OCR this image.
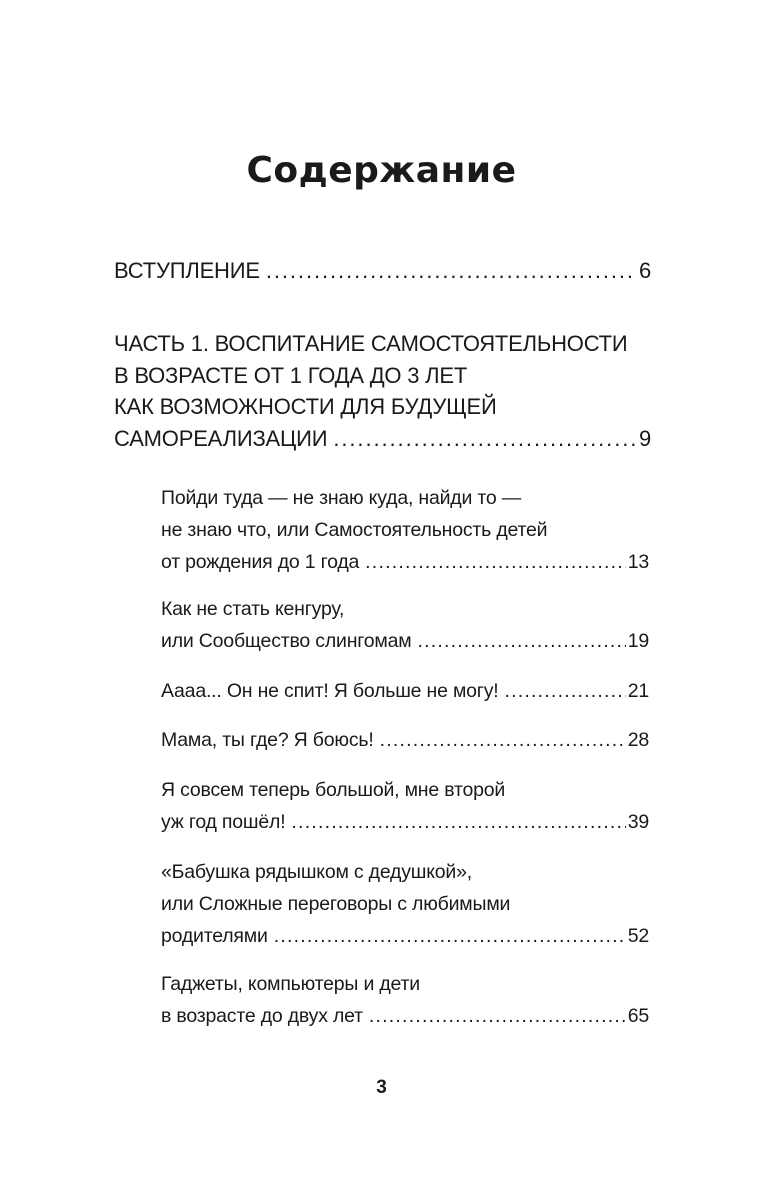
Содержание
ВСТУПЛЕНИЕ . . .	6
ЧАСТЬ 1. ВОСПИТАНИЕ САМОСТОЯТЕЛЬНОСТИ
В ВОЗРАСТЕ ОТ 1 ГОДА ДО 3 ЛЕТ
КАК ВОЗМОЖНОСТИ ДЛЯ БУДУЩЕЙ
САМОРЕАЛИЗАЦИИ . . .	9
Пойди туда — не знаю куда, найди то —
не знаю что, или Самостоятельность детей
от рождения до 1 года . . .	13
Как не стать кенгуру,
или Сообщество слингомам . . .	19
Аааа... Он не спит! Я больше не могу! . . .	21
Мама, ты где? Я боюсь! . . .	28
Я совсем теперь большой, мне второй
уж год пошёл! . . .	39
«Бабушка рядышком с дедушкой»,
или Сложные переговоры с любимыми
родителями . . .	52
Гаджеты, компьютеры и дети
в возрасте до двух лет . . .	65
3
